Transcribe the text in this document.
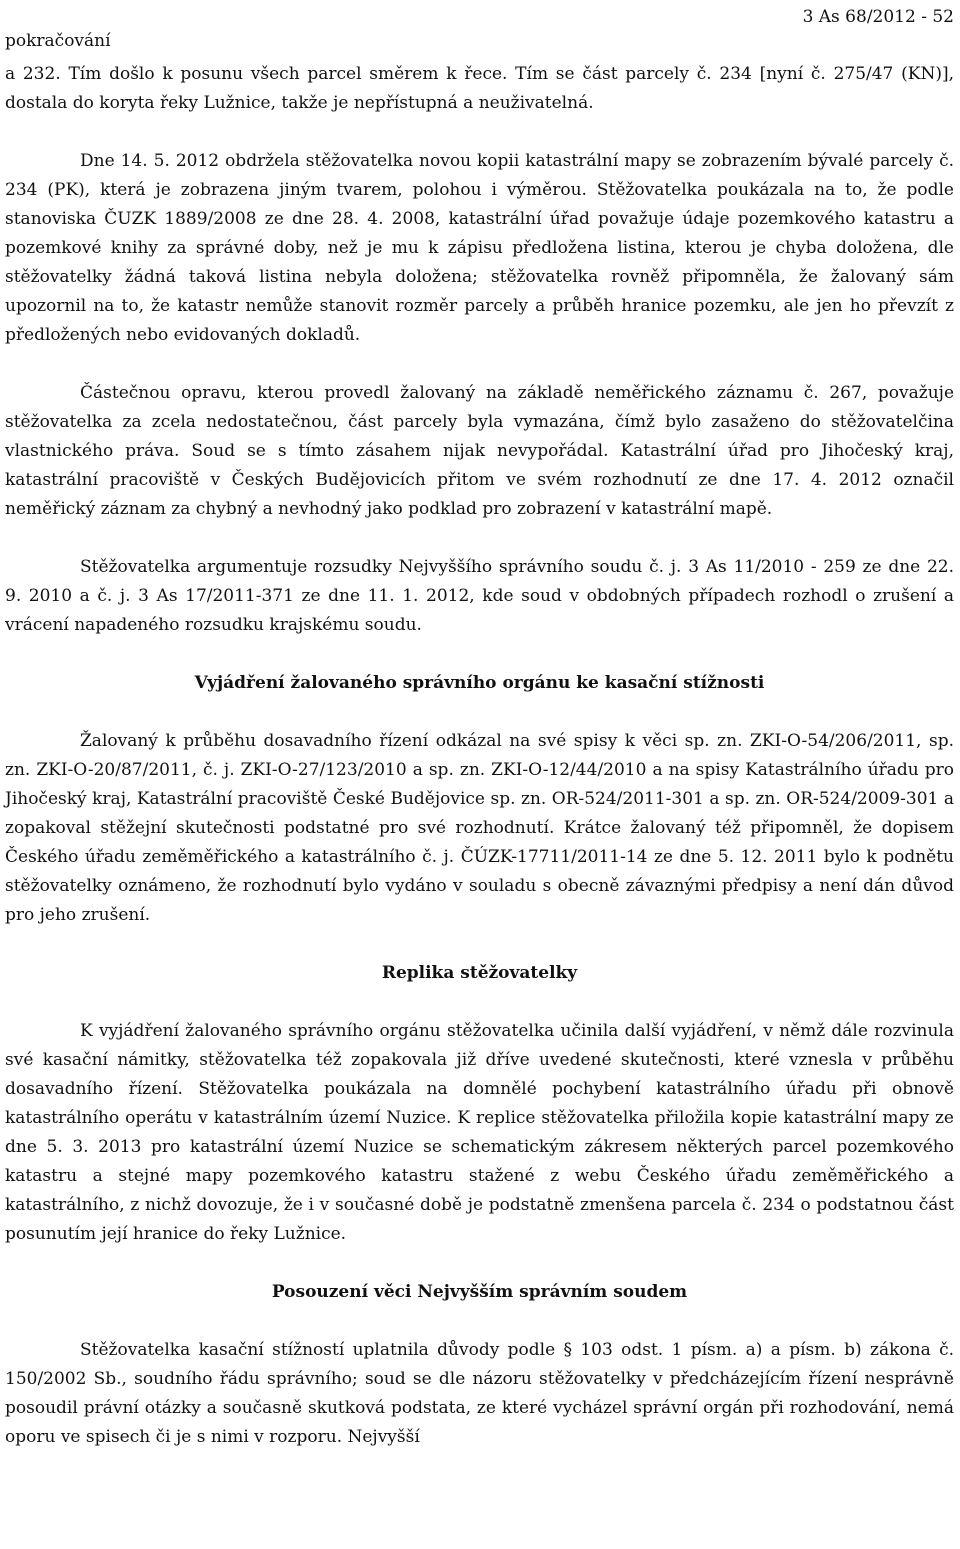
pokračování
3 As 68/2012 - 52

a 232. Tím došlo k posunu všech parcel směrem k řece. Tím se část parcely č. 234 [nyní č. 275/47 (KN)], dostala do koryta řeky Lužnice, takže je nepřístupná a neuživatelná.

Dne 14. 5. 2012 obdržela stěžovatelka novou kopii katastrální mapy se zobrazením bývalé parcely č. 234 (PK), která je zobrazena jiným tvarem, polohou i výměrou. Stěžovatelka poukázala na to, že podle stanoviska ČUZK 1889/2008 ze dne 28. 4. 2008, katastrální úřad považuje údaje pozemkového katastru a pozemkové knihy za správné doby, než je mu k zápisu předložena listina, kterou je chyba doložena, dle stěžovatelky žádná taková listina nebyla doložena; stěžovatelka rovněž připomněla, že žalovaný sám upozornil na to, že katastr nemůže stanovit rozměr parcely a průběh hranice pozemku, ale jen ho převzít z předložených nebo evidovaných dokladů.

Částečnou opravu, kterou provedl žalovaný na základě neměřického záznamu č. 267, považuje stěžovatelka za zcela nedostatečnou, část parcely byla vymazána, čímž bylo zasaženo do stěžovatelčina vlastnického práva. Soud se s tímto zásahem nijak nevypořádal. Katastrální úřad pro Jihočeský kraj, katastrální pracoviště v Českých Budějovicích přitom ve svém rozhodnutí ze dne 17. 4. 2012 označil neměřický záznam za chybný a nevhodný jako podklad pro zobrazení v katastrální mapě.

Stěžovatelka argumentuje rozsudky Nejvyššího správního soudu č. j. 3 As 11/2010 - 259 ze dne 22. 9. 2010 a č. j. 3 As 17/2011-371 ze dne 11. 1. 2012, kde soud v obdobných případech rozhodl o zrušení a vrácení napadeného rozsudku krajskému soudu.

Vyjádření žalovaného správního orgánu ke kasační stížnosti

Žalovaný k průběhu dosavadního řízení odkázal na své spisy k věci sp. zn. ZKI-O-54/206/2011, sp. zn. ZKI-O-20/87/2011, č. j. ZKI-O-27/123/2010 a sp. zn. ZKI-O-12/44/2010 a na spisy Katastrálního úřadu pro Jihočeský kraj, Katastrální pracoviště České Budějovice sp. zn. OR-524/2011-301 a sp. zn. OR-524/2009-301 a zopakoval stěžejní skutečnosti podstatné pro své rozhodnutí. Krátce žalovaný též připomněl, že dopisem Českého úřadu zeměměřického a katastrálního č. j. ČÚZK-17711/2011-14 ze dne 5. 12. 2011 bylo k podnětu stěžovatelky oznámeno, že rozhodnutí bylo vydáno v souladu s obecně závaznými předpisy a není dán důvod pro jeho zrušení.

Replika stěžovatelky

K vyjádření žalovaného správního orgánu stěžovatelka učinila další vyjádření, v němž dále rozvinula své kasační námitky, stěžovatelka též zopakovala již dříve uvedené skutečnosti, které vznesla v průběhu dosavadního řízení. Stěžovatelka poukázala na domnělé pochybení katastrálního úřadu při obnově katastrálního operátu v katastrálním území Nuzice. K replice stěžovatelka přiložila kopie katastrální mapy ze dne 5. 3. 2013 pro katastrální území Nuzice se schematickým zákresem některých parcel pozemkového katastru a stejné mapy pozemkového katastru stažené z webu Českého úřadu zeměměřického a katastrálního, z nichž dovozuje, že i v současné době je podstatně zmenšena parcela č. 234 o podstatnou část posunutím její hranice do řeky Lužnice.

Posouzení věci Nejvyšším správním soudem

Stěžovatelka kasační stížností uplatnila důvody podle § 103 odst. 1 písm. a) a písm. b) zákona č. 150/2002 Sb., soudního řádu správního; soud se dle názoru stěžovatelky v předcházejícím řízení nesprávně posoudil právní otázky a současně skutková podstata, ze které vycházel správní orgán při rozhodování, nemá oporu ve spisech či je s nimi v rozporu. Nejvyšší
